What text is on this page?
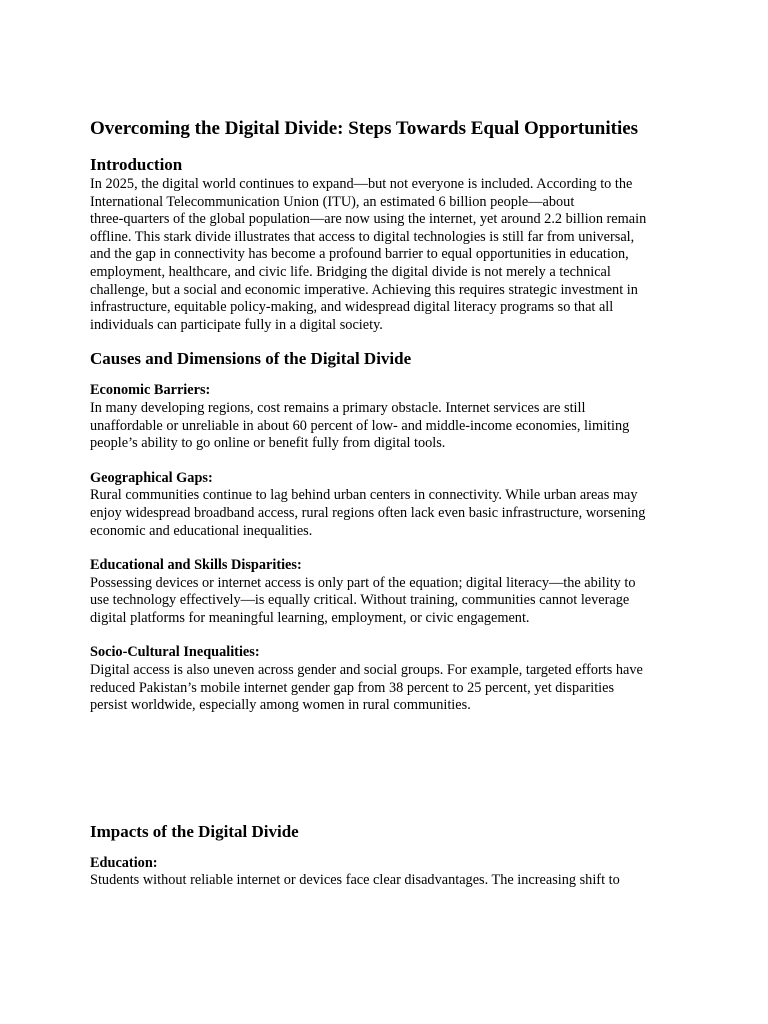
Overcoming the Digital Divide: Steps Towards Equal Opportunities
Introduction

In 2025, the digital world continues to expand—but not everyone is included. According to the
International Telecommunication Union (ITU), an estimated 6 billion people—about
three-quarters of the global population—are now using the internet, yet around 2.2 billion remain
offline. This stark divide illustrates that access to digital technologies is still far from universal,
and the gap in connectivity has become a profound barrier to equal opportunities in education,
employment, healthcare, and civic life. Bridging the digital divide is not merely a technical
challenge, but a social and economic imperative. Achieving this requires strategic investment in
infrastructure, equitable policy-making, and widespread digital literacy programs so that all
individuals can participate fully in a digital society.

Causes and Dimensions of the Digital Divide
Economic Barriers:

In many developing regions, cost remains a primary obstacle. Internet services are still
unaffordable or unreliable in about 60 percent of low- and middle-income economies, limiting
people’s ability to go online or benefit fully from digital tools.

Geographical Gaps:

Rural communities continue to lag behind urban centers in connectivity. While urban areas may
enjoy widespread broadband access, rural regions often lack even basic infrastructure, worsening
economic and educational inequalities.

Educational and Skills Disparities:

Possessing devices or internet access is only part of the equation; digital literacy—the ability to
use technology effectively—is equally critical. Without training, communities cannot leverage
digital platforms for meaningful learning, employment, or civic engagement.

Socio-Cultural Inequalities:

Digital access is also uneven across gender and social groups. For example, targeted efforts have
reduced Pakistan’s mobile internet gender gap from 38 percent to 25 percent, yet disparities
persist worldwide, especially among women in rural communities.

Impacts of the Digital Divide
Education:

Students without reliable internet or devices face clear disadvantages. The increasing shift to
